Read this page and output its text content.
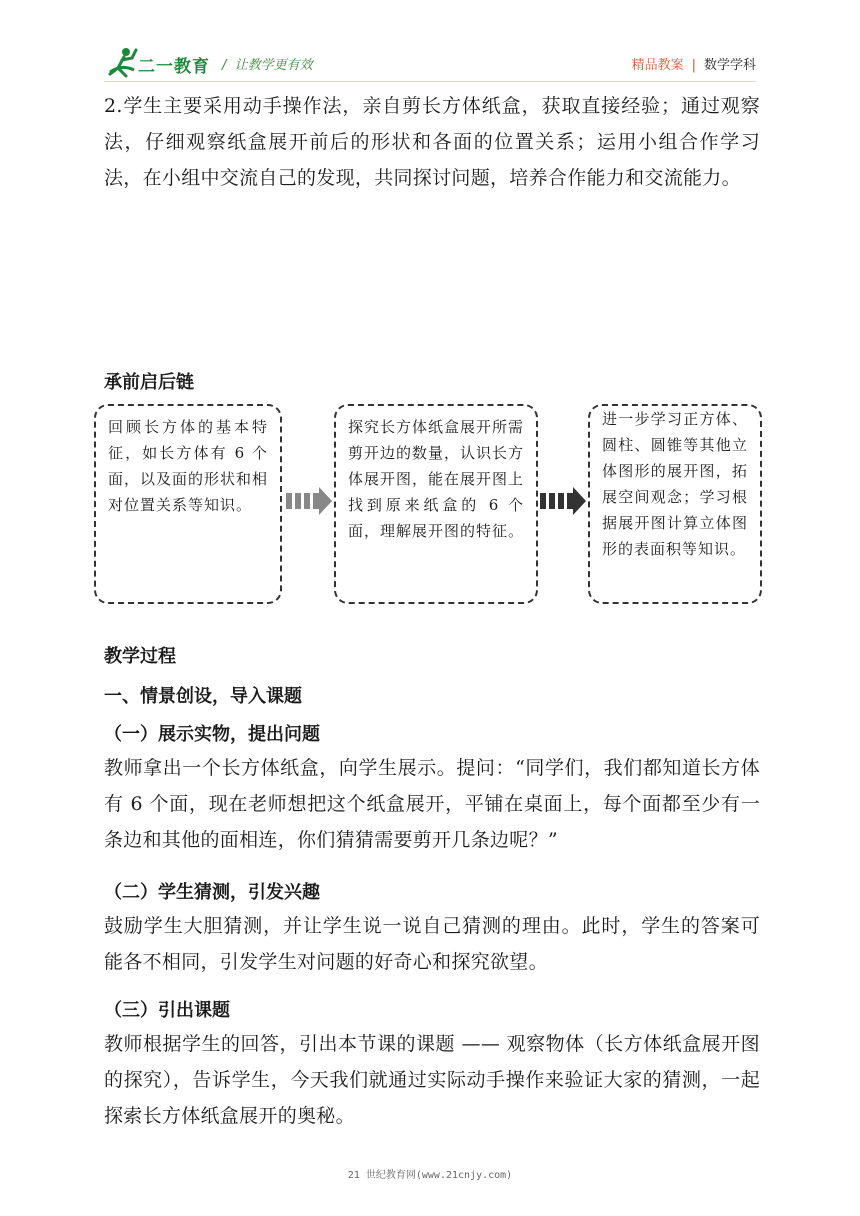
二一教育 /  让教学更有效	精品教案 | 数学学科
2.学生主要采用动手操作法，亲自剪长方体纸盒，获取直接经验；通过观察法，仔细观察纸盒展开前后的形状和各面的位置关系；运用小组合作学习法，在小组中交流自己的发现，共同探讨问题，培养合作能力和交流能力。
承前启后链
回顾长方体的基本特征，如长方体有 6 个面，以及面的形状和相对位置关系等知识。
探究长方体纸盒展开所需剪开边的数量，认识长方体展开图，能在展开图上找到原来纸盒的 6 个面，理解展开图的特征。
进一步学习正方体、圆柱、圆锥等其他立体图形的展开图，拓展空间观念；学习根据展开图计算立体图形的表面积等知识。
教学过程
一、情景创设，导入课题
（一）展示实物，提出问题
教师拿出一个长方体纸盒，向学生展示。提问：“同学们，我们都知道长方体有 6 个面，现在老师想把这个纸盒展开，平铺在桌面上，每个面都至少有一条边和其他的面相连，你们猜猜需要剪开几条边呢？”
（二）学生猜测，引发兴趣
鼓励学生大胆猜测，并让学生说一说自己猜测的理由。此时，学生的答案可能各不相同，引发学生对问题的好奇心和探究欲望。
（三）引出课题
教师根据学生的回答，引出本节课的课题 —— 观察物体（长方体纸盒展开图的探究），告诉学生，今天我们就通过实际动手操作来验证大家的猜测，一起探索长方体纸盒展开的奥秘。
21 世纪教育网(www.21cnjy.com)
